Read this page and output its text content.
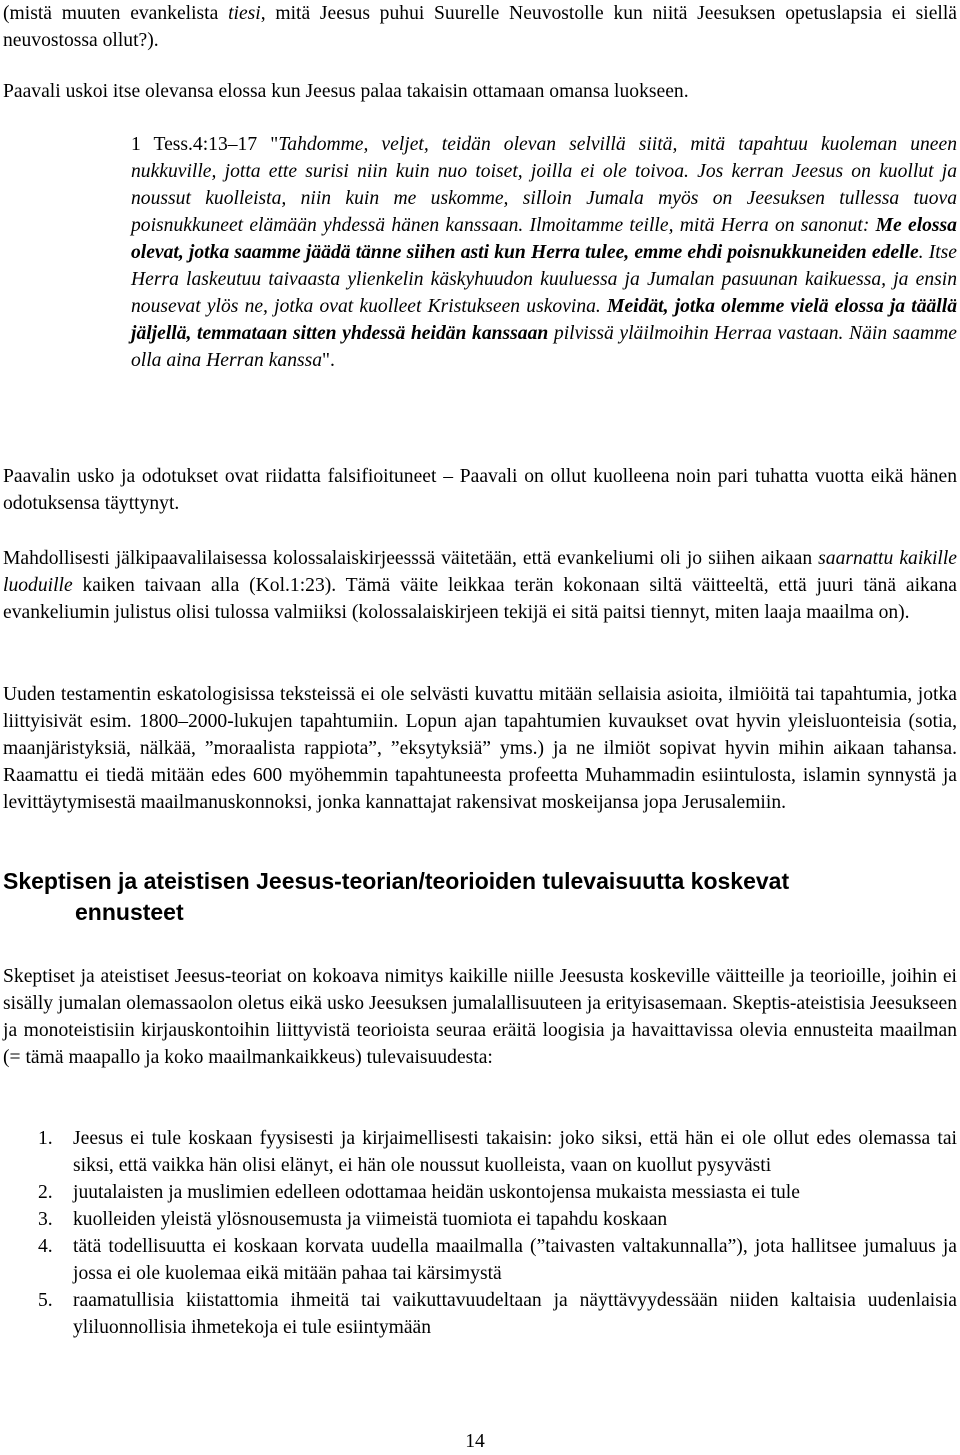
(mistä muuten evankelista tiesi, mitä Jeesus puhui Suurelle Neuvostolle kun niitä Jeesuksen opetuslapsia ei siellä neuvostossa ollut?).

Paavali uskoi itse olevansa elossa kun Jeesus palaa takaisin ottamaan omansa luokseen.

1 Tess.4:13–17 "Tahdomme, veljet, teidän olevan selvillä siitä, mitä tapahtuu kuoleman uneen nukkuville, jotta ette surisi niin kuin nuo toiset, joilla ei ole toivoa. Jos kerran Jeesus on kuollut ja noussut kuolleista, niin kuin me uskomme, silloin Jumala myös on Jeesuksen tullessa tuova poisnukkuneet elämään yhdessä hänen kanssaan. Ilmoitamme teille, mitä Herra on sanonut: Me elossa olevat, jotka saamme jäädä tänne siihen asti kun Herra tulee, emme ehdi poisnukkuneiden edelle. Itse Herra laskeutuu taivaasta ylienkelin käskyhuudon kuuluessa ja Jumalan pasuunan kaikuessa, ja ensin nousevat ylös ne, jotka ovat kuolleet Kristukseen uskovina. Meidät, jotka olemme vielä elossa ja täällä jäljellä, temmataan sitten yhdessä heidän kanssaan pilvissä yläilmoihin Herraa vastaan. Näin saamme olla aina Herran kanssa".

Paavalin usko ja odotukset ovat riidatta falsifioituneet – Paavali on ollut kuolleena noin pari tuhatta vuotta eikä hänen odotuksensa täyttynyt.

Mahdollisesti jälkipaavalilaisessa kolossalaiskirjeesssä väitetään, että evankeliumi oli jo siihen aikaan saarnattu kaikille luoduille kaiken taivaan alla (Kol.1:23). Tämä väite leikkaa terän kokonaan siltä väitteeltä, että juuri tänä aikana evankeliumin julistus olisi tulossa valmiiksi (kolossalaiskirjeen tekijä ei sitä paitsi tiennyt, miten laaja maailma on).

Uuden testamentin eskatologisissa teksteissä ei ole selvästi kuvattu mitään sellaisia asioita, ilmiöitä tai tapahtumia, jotka liittyisivät esim. 1800–2000-lukujen tapahtumiin. Lopun ajan tapahtumien kuvaukset ovat hyvin yleisluonteisia (sotia, maanjäristyksiä, nälkää, ”moraalista rappiota”, ”eksytyksiä” yms.) ja ne ilmiöt sopivat hyvin mihin aikaan tahansa. Raamattu ei tiedä mitään edes 600 myöhemmin tapahtuneesta profeetta Muhammadin esiintulosta, islamin synnystä ja levittäytymisestä maailmanuskonnoksi, jonka kannattajat rakensivat moskeijansa jopa Jerusalemiin.

Skeptisen ja ateistisen Jeesus-teorian/teorioiden tulevaisuutta koskevat
ennusteet

Skeptiset ja ateistiset Jeesus-teoriat on kokoava nimitys kaikille niille Jeesusta koskeville väitteille ja teorioille, joihin ei sisälly jumalan olemassaolon oletus eikä usko Jeesuksen jumalallisuuteen ja erityisasemaan. Skeptis-ateistisia Jeesukseen ja monoteistisiin kirjauskontoihin liittyvistä teorioista seuraa eräitä loogisia ja havaittavissa olevia ennusteita maailman (= tämä maapallo ja koko maailmankaikkeus) tulevaisuudesta:

1. Jeesus ei tule koskaan fyysisesti ja kirjaimellisesti takaisin: joko siksi, että hän ei ole ollut edes olemassa tai siksi, että vaikka hän olisi elänyt, ei hän ole noussut kuolleista, vaan on kuollut pysyvästi
2. juutalaisten ja muslimien edelleen odottamaa heidän uskontojensa mukaista messiasta ei tule
3. kuolleiden yleistä ylösnousemusta ja viimeistä tuomiota ei tapahdu koskaan
4. tätä todellisuutta ei koskaan korvata uudella maailmalla (”taivasten valtakunnalla”), jota hallitsee jumaluus ja jossa ei ole kuolemaa eikä mitään pahaa tai kärsimystä
5. raamatullisia kiistattomia ihmeitä tai vaikuttavuudeltaan ja näyttävyydessään niiden kaltaisia uudenlaisia yliluonnollisia ihmetekoja ei tule esiintymään
14
